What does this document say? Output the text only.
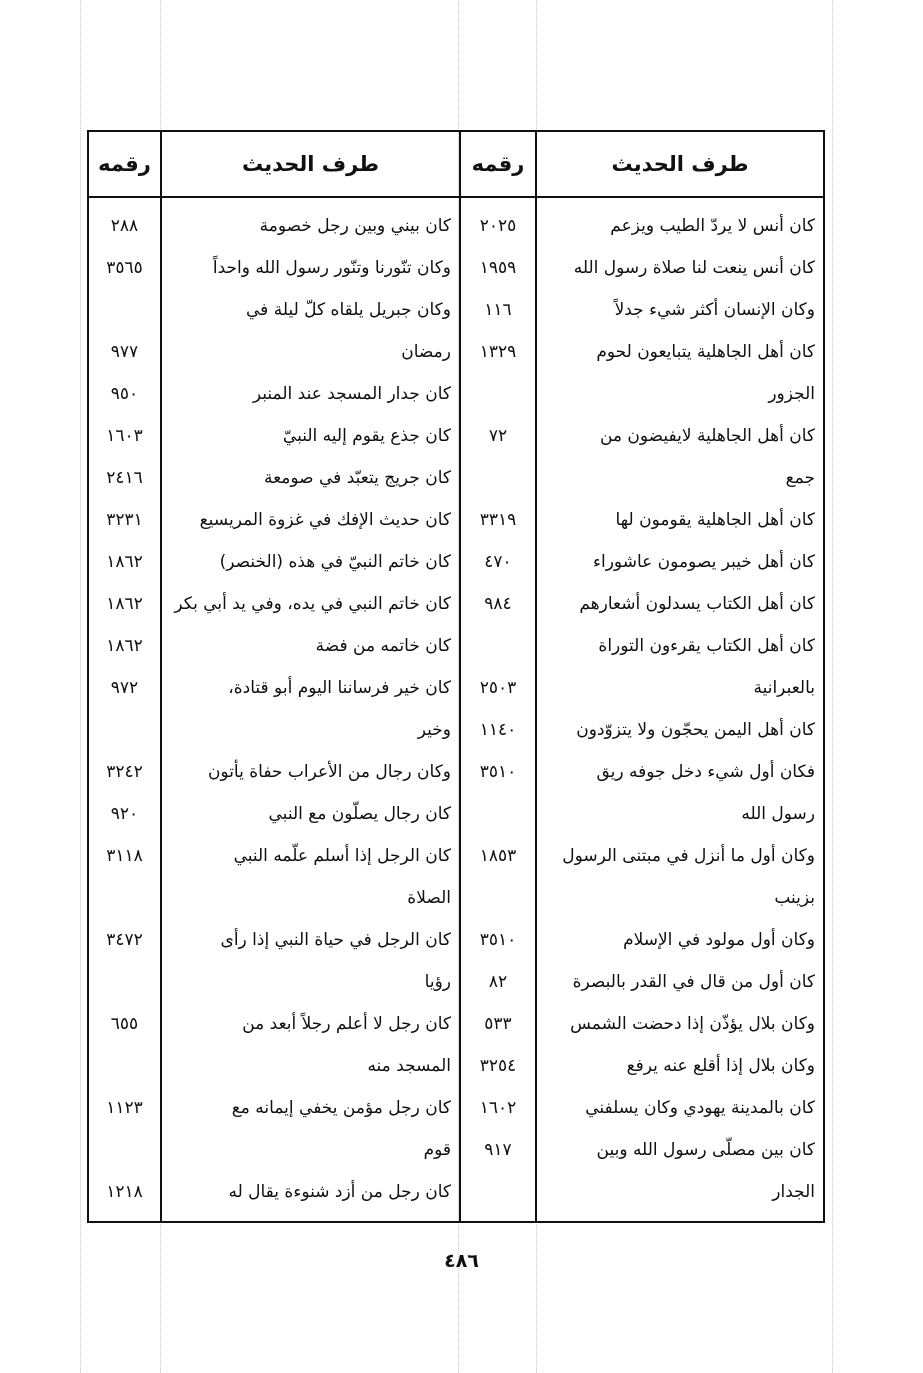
طرف الحديث
رقمه
طرف الحديث
رقمه
كان أنس لا يردّ الطيب ويزعم
٢٠٢٥
كان أنس ينعت لنا صلاة رسول الله
١٩٥٩
وكان الإنسان أكثر شيء جدلاً
١١٦
كان أهل الجاهلية يتبايعون لحوم
١٣٢٩
الجزور
كان أهل الجاهلية لايفيضون من
٧٢
جمع
كان أهل الجاهلية يقومون لها
٣٣١٩
كان أهل خيبر يصومون عاشوراء
٤٧٠
كان أهل الكتاب يسدلون أشعارهم
٩٨٤
كان أهل الكتاب يقرءون التوراة
بالعبرانية
٢٥٠٣
كان أهل اليمن يحجّون ولا يتزوّدون
١١٤٠
فكان أول شيء دخل جوفه ريق
٣٥١٠
رسول الله
وكان أول ما أنزل في مبتنى الرسول
١٨٥٣
بزينب
وكان أول مولود في الإسلام
٣٥١٠
كان أول من قال في القدر بالبصرة
٨٢
وكان بلال يؤذّن إذا دحضت الشمس
٥٣٣
وكان بلال إذا أقلع عنه يرفع
٣٢٥٤
كان بالمدينة يهودي وكان يسلفني
١٦٠٢
كان بين مصلّى رسول الله وبين
٩١٧
الجدار
كان بيني وبين رجل خصومة
٢٨٨
وكان تنّورنا وتنّور رسول الله واحداً
٣٥٦٥
وكان جبريل يلقاه كلّ ليلة في
رمضان
٩٧٧
كان جدار المسجد عند المنبر
٩٥٠
كان جذع يقوم إليه النبيّ
١٦٠٣
كان جريج يتعبّد في صومعة
٢٤١٦
كان حديث الإفك في غزوة المريسيع
٣٢٣١
كان خاتم النبيّ في هذه (الخنصر)
١٨٦٢
كان خاتم النبي في يده، وفي يد أبي بكر
١٨٦٢
كان خاتمه من فضة
١٨٦٢
كان خير فرساننا اليوم أبو قتادة،
٩٧٢
وخير
وكان رجال من الأعراب حفاة يأتون
٣٢٤٢
كان رجال يصلّون مع النبي
٩٢٠
كان الرجل إذا أسلم علّمه النبي
٣١١٨
الصلاة
كان الرجل في حياة النبي إذا رأى
٣٤٧٢
رؤيا
كان رجل لا أعلم رجلاً أبعد من
٦٥٥
المسجد منه
كان رجل مؤمن يخفي إيمانه مع
١١٢٣
قوم
كان رجل من أزد شنوءة يقال له
١٢١٨
٤٨٦
